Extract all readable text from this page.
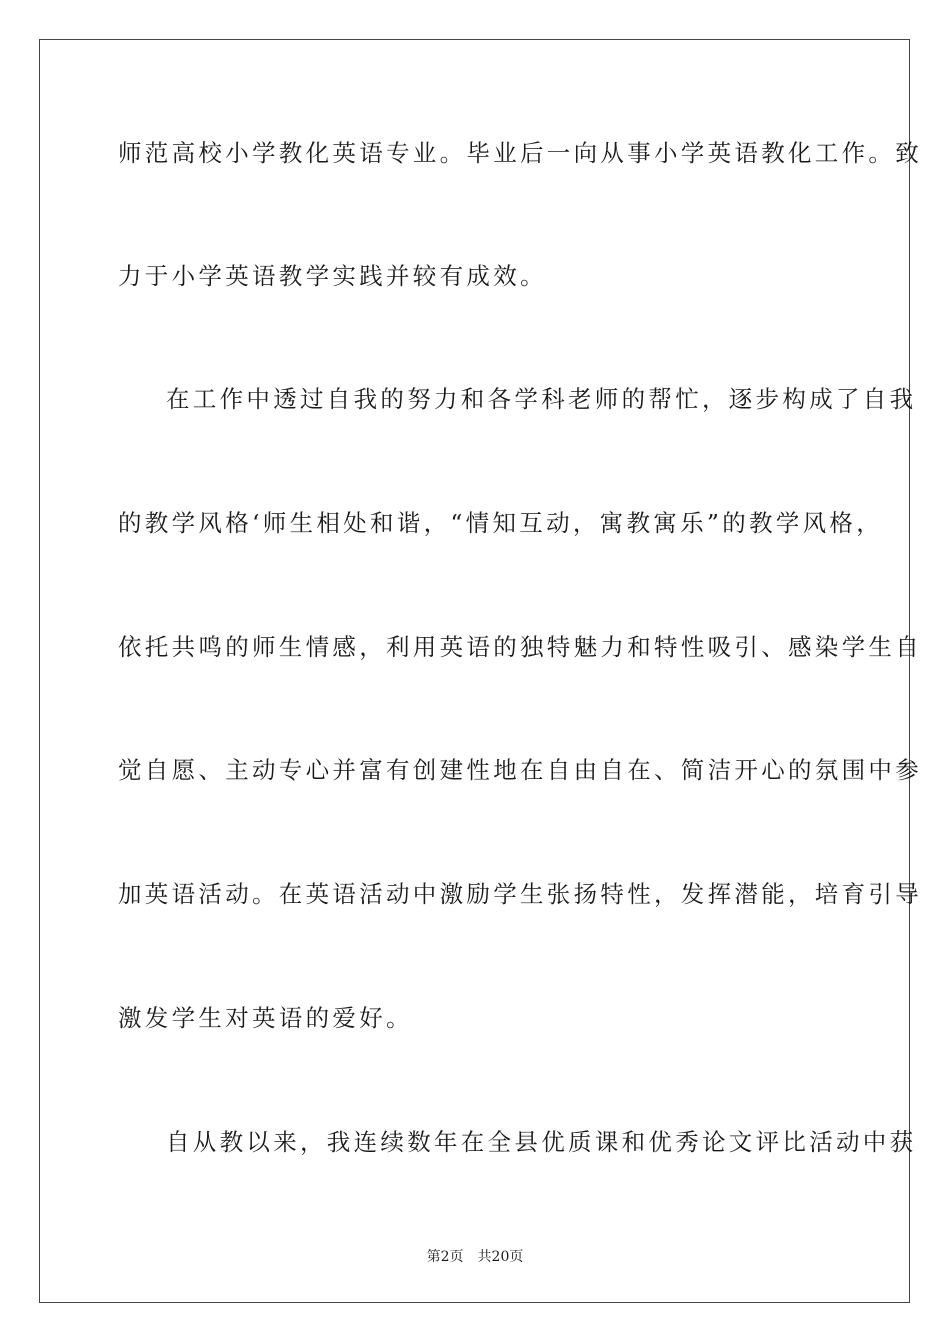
师范高校小学教化英语专业。毕业后一向从事小学英语教化工作。致
力于小学英语教学实践并较有成效。
在工作中透过自我的努力和各学科老师的帮忙，逐步构成了自我
的教学风格‘师生相处和谐，“情知互动，寓教寓乐”的教学风格，
依托共鸣的师生情感，利用英语的独特魅力和特性吸引、感染学生自
觉自愿、主动专心并富有创建性地在自由自在、简洁开心的氛围中参
加英语活动。在英语活动中激励学生张扬特性，发挥潜能，培育引导
激发学生对英语的爱好。
自从教以来，我连续数年在全县优质课和优秀论文评比活动中获
第2页 共20页
